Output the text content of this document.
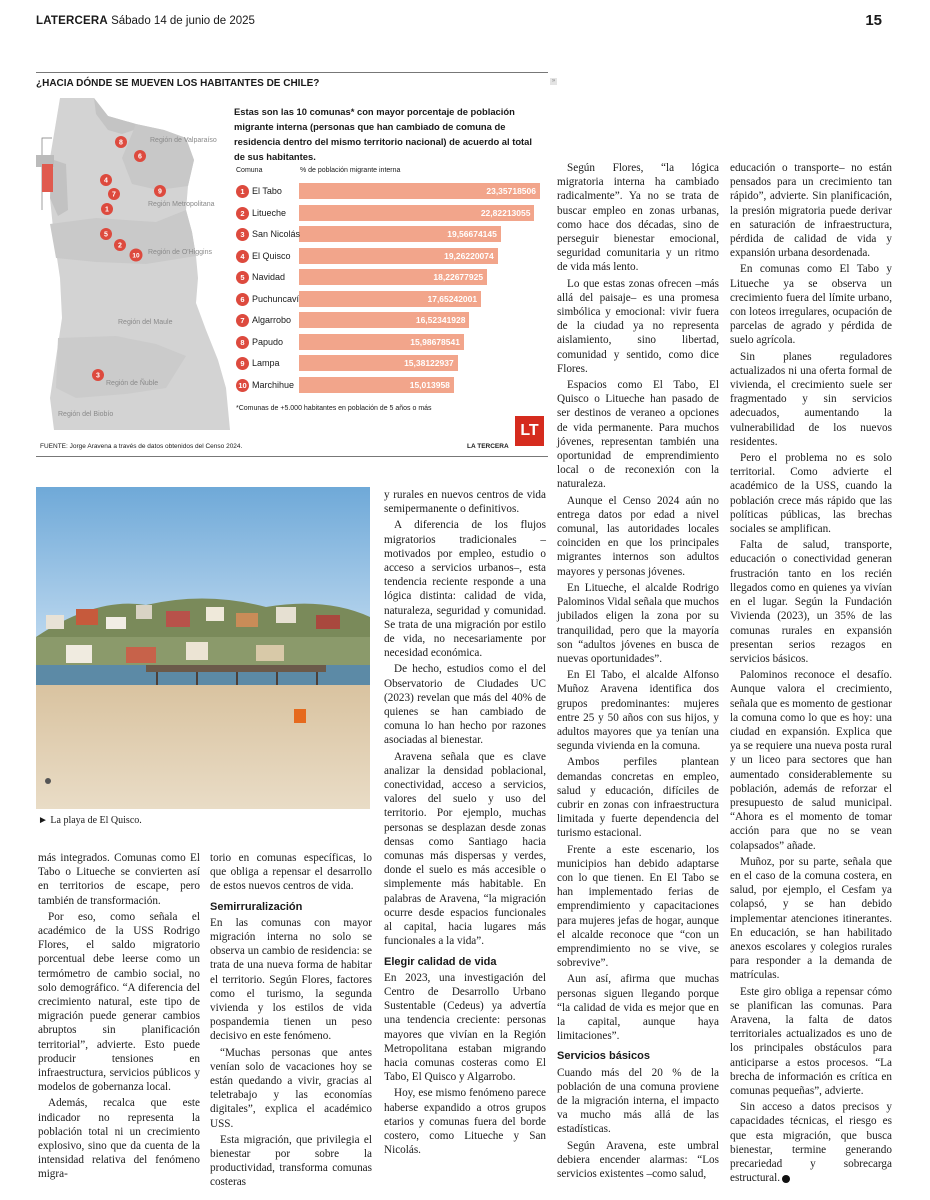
LATERCERA Sábado 14 de junio de 2025	15
¿HACIA DÓNDE SE MUEVEN LOS HABITANTES DE CHILE?	»
Región de Valparaíso
Región Metropolitana
Región de O'Higgins
Región del Maule
Región de Ñuble
Región del Biobío
8
6
4
7	9
1
5
2
10
3
Estas son las 10 comunas* con mayor porcentaje de población migrante interna (personas que han cambiado de comuna de residencia dentro del mismo territorio nacional) de acuerdo al total de sus habitantes.
Comuna	% de población migrante interna
1 El Tabo	23,35718506
2 Litueche	22,82213055
3 San Nicolás	19,56674145
4 El Quisco	19,26220074
5 Navidad	18,22677925
6 Puchuncaví	17,65242001
7 Algarrobo	16,52341928
8 Papudo	15,98678541
9 Lampa	15,38122937
10 Marchihue	15,013958
*Comunas de +5.000 habitantes en población de 5 años o más
FUENTE: Jorge Aravena a través de datos obtenidos del Censo 2024.	LA TERCERA
LT
► La playa de El Quisco.

más integrados. Comunas como El Tabo o Litueche se convierten así en territorios de escape, pero también de transformación.

Por eso, como señala el académico de la USS Rodrigo Flores, el saldo migratorio porcentual debe leerse como un termómetro de cambio social, no solo demográfico. “A diferencia del crecimiento natural, este tipo de migración puede generar cambios abruptos sin planificación territorial”, advierte. Esto puede producir tensiones en infraestructura, servicios públicos y modelos de gobernanza local.

Además, recalca que este indicador no representa la población total ni un crecimiento explosivo, sino que da cuenta de la intensidad relativa del fenómeno migra-

torio en comunas específicas, lo que obliga a repensar el desarrollo de estos nuevos centros de vida.

Semirruralización

En las comunas con mayor migración interna no solo se observa un cambio de residencia: se trata de una nueva forma de habitar el territorio. Según Flores, factores como el turismo, la segunda vivienda y los estilos de vida pospandemia tienen un peso decisivo en este fenómeno.

“Muchas personas que antes venían solo de vacaciones hoy se están quedando a vivir, gracias al teletrabajo y las economías digitales”, explica el académico USS.

Esta migración, que privilegia el bienestar por sobre la productividad, transforma comunas costeras

y rurales en nuevos centros de vida semipermanente o definitivos.

A diferencia de los flujos migratorios tradicionales –motivados por empleo, estudio o acceso a servicios urbanos–, esta tendencia reciente responde a una lógica distinta: calidad de vida, naturaleza, seguridad y comunidad. Se trata de una migración por estilo de vida, no necesariamente por necesidad económica.

De hecho, estudios como el del Observatorio de Ciudades UC (2023) revelan que más del 40% de quienes se han cambiado de comuna lo han hecho por razones asociadas al bienestar.

Aravena señala que es clave analizar la densidad poblacional, conectividad, acceso a servicios, valores del suelo y uso del territorio. Por ejemplo, muchas personas se desplazan desde zonas densas como Santiago hacia comunas más dispersas y verdes, donde el suelo es más accesible o simplemente más habitable. En palabras de Aravena, “la migración ocurre desde espacios funcionales al capital, hacia lugares más funcionales a la vida”.

Elegir calidad de vida

En 2023, una investigación del Centro de Desarrollo Urbano Sustentable (Cedeus) ya advertía una tendencia creciente: personas mayores que vivían en la Región Metropolitana estaban migrando hacia comunas costeras como El Tabo, El Quisco y Algarrobo.

Hoy, ese mismo fenómeno parece haberse expandido a otros grupos etarios y comunas fuera del borde costero, como Litueche y San Nicolás.

Según Flores, “la lógica migratoria interna ha cambiado radicalmente”. Ya no se trata de buscar empleo en zonas urbanas, como hace dos décadas, sino de perseguir bienestar emocional, seguridad comunitaria y un ritmo de vida más lento.

Lo que estas zonas ofrecen –más allá del paisaje– es una promesa simbólica y emocional: vivir fuera de la ciudad ya no representa aislamiento, sino libertad, comunidad y sentido, como dice Flores.

Espacios como El Tabo, El Quisco o Litueche han pasado de ser destinos de veraneo a opciones de vida permanente. Para muchos jóvenes, representan también una oportunidad de emprendimiento local o de reconexión con la naturaleza.

Aunque el Censo 2024 aún no entrega datos por edad a nivel comunal, las autoridades locales coinciden en que los principales migrantes internos son adultos mayores y personas jóvenes.

En Litueche, el alcalde Rodrigo Palominos Vidal señala que muchos jubilados eligen la zona por su tranquilidad, pero que la mayoría son “adultos jóvenes en busca de nuevas oportunidades”.

En El Tabo, el alcalde Alfonso Muñoz Aravena identifica dos grupos predominantes: mujeres entre 25 y 50 años con sus hijos, y adultos mayores que ya tenían una segunda vivienda en la comuna.

Ambos perfiles plantean demandas concretas en empleo, salud y educación, difíciles de cubrir en zonas con infraestructura limitada y fuerte dependencia del turismo estacional.

Frente a este escenario, los municipios han debido adaptarse con lo que tienen. En El Tabo se han implementado ferias de emprendimiento y capacitaciones para mujeres jefas de hogar, aunque el alcalde reconoce que “con un emprendimiento no se vive, se sobrevive”.

Aun así, afirma que muchas personas siguen llegando porque “la calidad de vida es mejor que en la capital, aunque haya limitaciones”.

Servicios básicos

Cuando más del 20 % de la población de una comuna proviene de la migración interna, el impacto va mucho más allá de las estadísticas.

Según Aravena, este umbral debiera encender alarmas: “Los servicios existentes –como salud,

educación o transporte– no están pensados para un crecimiento tan rápido”, advierte. Sin planificación, la presión migratoria puede derivar en saturación de infraestructura, pérdida de calidad de vida y expansión urbana desordenada.

En comunas como El Tabo y Litueche ya se observa un crecimiento fuera del límite urbano, con loteos irregulares, ocupación de parcelas de agrado y pérdida de suelo agrícola.

Sin planes reguladores actualizados ni una oferta formal de vivienda, el crecimiento suele ser fragmentado y sin servicios adecuados, aumentando la vulnerabilidad de los nuevos residentes.

Pero el problema no es solo territorial. Como advierte el académico de la USS, cuando la población crece más rápido que las políticas públicas, las brechas sociales se amplifican.

Falta de salud, transporte, educación o conectividad generan frustración tanto en los recién llegados como en quienes ya vivían en el lugar. Según la Fundación Vivienda (2023), un 35% de las comunas rurales en expansión presentan serios rezagos en servicios básicos.

Palominos reconoce el desafío. Aunque valora el crecimiento, señala que es momento de gestionar la comuna como lo que es hoy: una ciudad en expansión. Explica que ya se requiere una nueva posta rural y un liceo para sectores que han aumentado considerablemente su población, además de reforzar el presupuesto de salud municipal. “Ahora es el momento de tomar acción para que no se vean colapsados” añade.

Muñoz, por su parte, señala que en el caso de la comuna costera, en salud, por ejemplo, el Cesfam ya colapsó, y se han debido implementar atenciones itinerantes. En educación, se han habilitado anexos escolares y colegios rurales para responder a la demanda de matrículas.

Este giro obliga a repensar cómo se planifican las comunas. Para Aravena, la falta de datos territoriales actualizados es uno de los principales obstáculos para anticiparse a estos procesos. “La brecha de información es crítica en comunas pequeñas”, advierte.

Sin acceso a datos precisos y capacidades técnicas, el riesgo es que esta migración, que busca bienestar, termine generando precariedad y sobrecarga estructural.
